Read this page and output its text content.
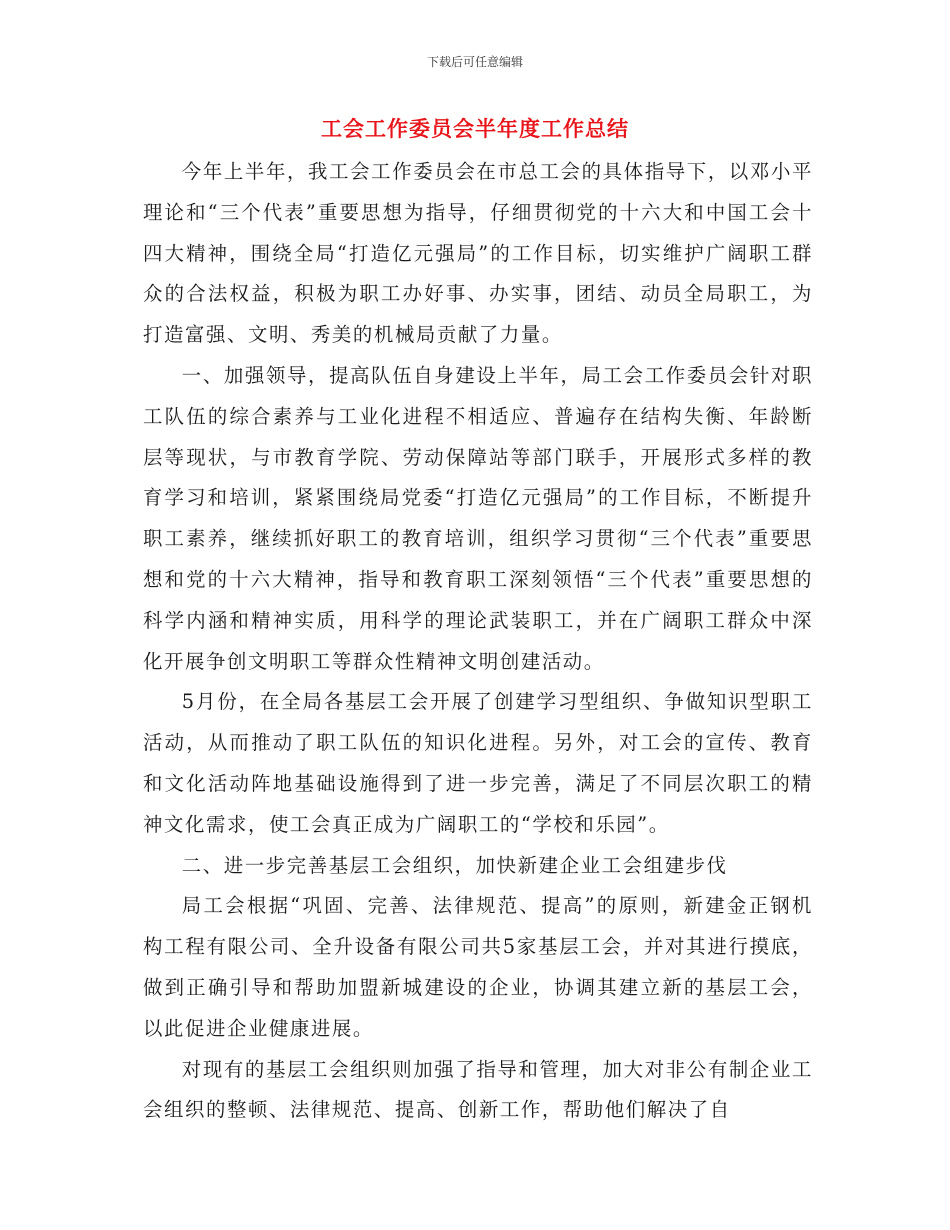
下载后可任意编辑
工会工作委员会半年度工作总结

今年上半年，我工会工作委员会在市总工会的具体指导下，以邓小平理论和“三个代表”重要思想为指导，仔细贯彻党的十六大和中国工会十四大精神，围绕全局“打造亿元强局”的工作目标，切实维护广阔职工群众的合法权益，积极为职工办好事、办实事，团结、动员全局职工，为打造富强、文明、秀美的机械局贡献了力量。

一、加强领导，提高队伍自身建设上半年，局工会工作委员会针对职工队伍的综合素养与工业化进程不相适应、普遍存在结构失衡、年龄断层等现状，与市教育学院、劳动保障站等部门联手，开展形式多样的教育学习和培训，紧紧围绕局党委“打造亿元强局”的工作目标，不断提升职工素养，继续抓好职工的教育培训，组织学习贯彻“三个代表”重要思想和党的十六大精神，指导和教育职工深刻领悟“三个代表”重要思想的科学内涵和精神实质，用科学的理论武装职工，并在广阔职工群众中深化开展争创文明职工等群众性精神文明创建活动。

5月份，在全局各基层工会开展了创建学习型组织、争做知识型职工活动，从而推动了职工队伍的知识化进程。另外，对工会的宣传、教育和文化活动阵地基础设施得到了进一步完善，满足了不同层次职工的精神文化需求，使工会真正成为广阔职工的“学校和乐园”。

二、进一步完善基层工会组织，加快新建企业工会组建步伐

局工会根据“巩固、完善、法律规范、提高”的原则，新建金正钢机构工程有限公司、全升设备有限公司共5家基层工会，并对其进行摸底，做到正确引导和帮助加盟新城建设的企业，协调其建立新的基层工会，以此促进企业健康进展。

对现有的基层工会组织则加强了指导和管理，加大对非公有制企业工会组织的整顿、法律规范、提高、创新工作，帮助他们解决了自
